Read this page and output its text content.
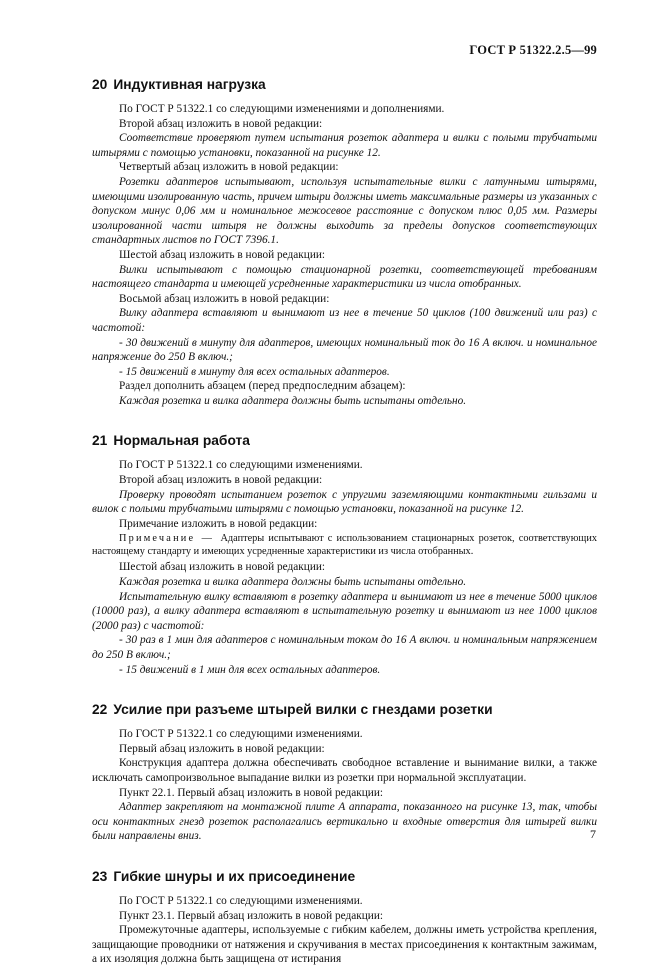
ГОСТ Р 51322.2.5—99
20 Индуктивная нагрузка

По ГОСТ Р 51322.1 со следующими изменениями и дополнениями.

Второй абзац изложить в новой редакции:

Соответствие проверяют путем испытания розеток адаптера и вилки с полыми трубчатыми штырями с помощью установки, показанной на рисунке 12.

Четвертый абзац изложить в новой редакции:

Розетки адаптеров испытывают, используя испытательные вилки с латунными штырями, имеющими изолированную часть, причем штыри должны иметь максимальные размеры из указанных с допуском минус 0,06 мм и номинальное межосевое расстояние с допуском плюс 0,05 мм. Размеры изолированной части штыря не должны выходить за пределы допусков соответствующих стандартных листов по ГОСТ 7396.1.

Шестой абзац изложить в новой редакции:

Вилки испытывают с помощью стационарной розетки, соответствующей требованиям настоящего стандарта и имеющей усредненные характеристики из числа отобранных.

Восьмой абзац изложить в новой редакции:

Вилку адаптера вставляют и вынимают из нее в течение 50 циклов (100 движений или раз) с частотой:

- 30 движений в минуту для адаптеров, имеющих номинальный ток до 16 А включ. и номинальное напряжение до 250 В включ.;

- 15 движений в минуту для всех остальных адаптеров.

Раздел дополнить абзацем (перед предпоследним абзацем):

Каждая розетка и вилка адаптера должны быть испытаны отдельно.

21 Нормальная работа

По ГОСТ Р 51322.1 со следующими изменениями.

Второй абзац изложить в новой редакции:

Проверку проводят испытанием розеток с упругими заземляющими контактными гильзами и вилок с полыми трубчатыми штырями с помощью установки, показанной на рисунке 12.

Примечание изложить в новой редакции:

Примечание — Адаптеры испытывают с использованием стационарных розеток, соответствующих настоящему стандарту и имеющих усредненные характеристики из числа отобранных.

Шестой абзац изложить в новой редакции:

Каждая розетка и вилка адаптера должны быть испытаны отдельно.

Испытательную вилку вставляют в розетку адаптера и вынимают из нее в течение 5000 циклов (10000 раз), а вилку адаптера вставляют в испытательную розетку и вынимают из нее 1000 циклов (2000 раз) с частотой:

- 30 раз в 1 мин для адаптеров с номинальным током до 16 А включ. и номинальным напряжением до 250 В включ.;

- 15 движений в 1 мин для всех остальных адаптеров.

22 Усилие при разъеме штырей вилки с гнездами розетки

По ГОСТ Р 51322.1 со следующими изменениями.

Первый абзац изложить в новой редакции:

Конструкция адаптера должна обеспечивать свободное вставление и вынимание вилки, а также исключать самопроизвольное выпадание вилки из розетки при нормальной эксплуатации.

Пункт 22.1. Первый абзац изложить в новой редакции:

Адаптер закрепляют на монтажной плите А аппарата, показанного на рисунке 13, так, чтобы оси контактных гнезд розеток располагались вертикально и входные отверстия для штырей вилки были направлены вниз.

23 Гибкие шнуры и их присоединение

По ГОСТ Р 51322.1 со следующими изменениями.

Пункт 23.1. Первый абзац изложить в новой редакции:

Промежуточные адаптеры, используемые с гибким кабелем, должны иметь устройства крепления, защищающие проводники от натяжения и скручивания в местах присоединения к контактным зажимам, а их изоляция должна быть защищена от истирания

7
